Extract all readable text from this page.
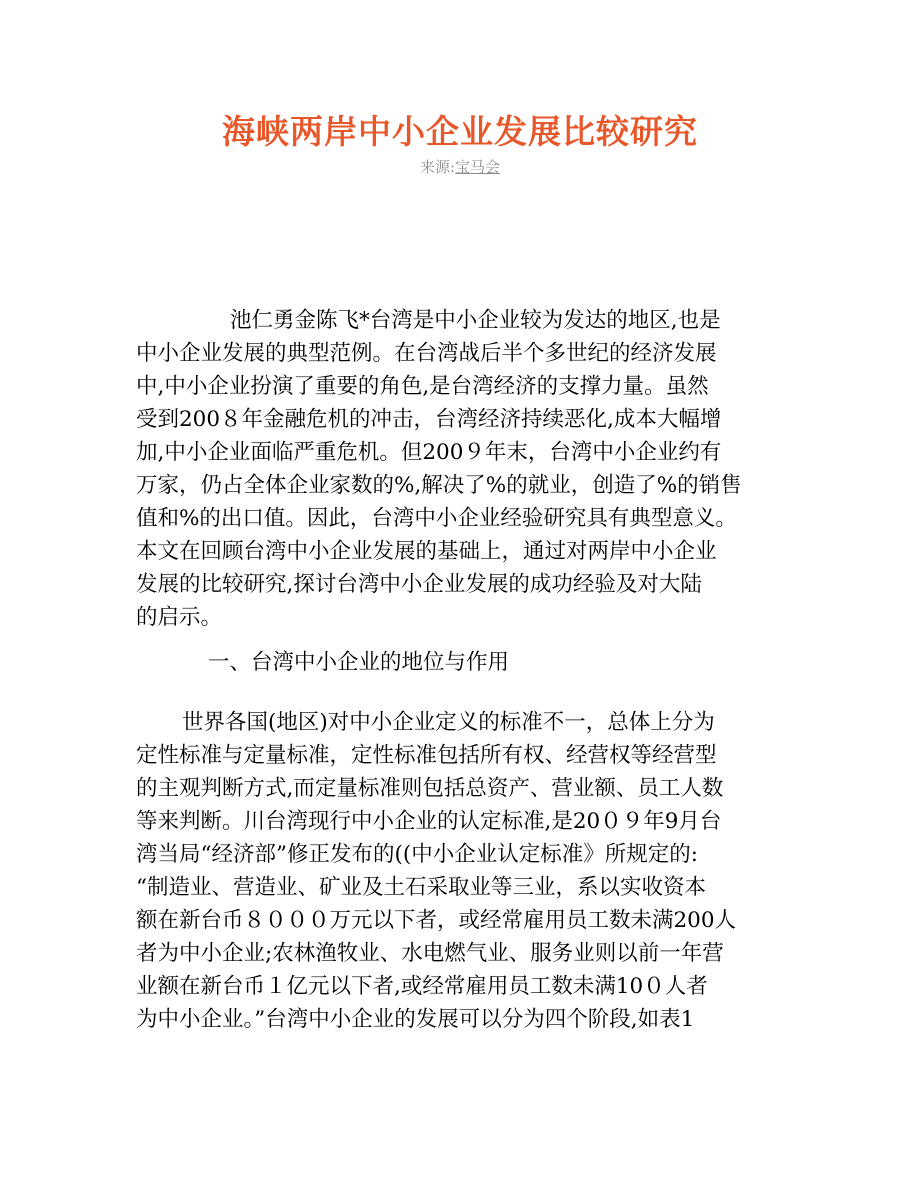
海峡两岸中小企业发展比较研究
来源:宝马会
池仁勇金陈飞*台湾是中小企业较为发达的地区,也是
中小企业发展的典型范例。在台湾战后半个多世纪的经济发展
中,中小企业扮演了重要的角色,是台湾经济的支撑力量。虽然
受到200８年金融危机的冲击，台湾经济持续恶化,成本大幅增
加,中小企业面临严重危机。但200９年末，台湾中小企业约有
万家，仍占全体企业家数的%,解决了%的就业，创造了%的销售
值和%的出口值。因此，台湾中小企业经验研究具有典型意义。
本文在回顾台湾中小企业发展的基础上，通过对两岸中小企业
发展的比较研究,探讨台湾中小企业发展的成功经验及对大陆
的启示。
一、台湾中小企业的地位与作用
世界各国(地区)对中小企业定义的标准不一，总体上分为
定性标准与定量标准，定性标准包括所有权、经营权等经营型
的主观判断方式,而定量标准则包括总资产、营业额、员工人数
等来判断。川台湾现行中小企业的认定标准,是20０９年9月台
湾当局“经济部”修正发布的((中小企业认定标准》所规定的:
“制造业、营造业、矿业及土石采取业等三业，系以实收资本
额在新台币８０００万元以下者，或经常雇用员工数未满200人
者为中小企业;农林渔牧业、水电燃气业、服务业则以前一年营
业额在新台币１亿元以下者,或经常雇用员工数未满10０人者
为中小企业。”台湾中小企业的发展可以分为四个阶段,如表1
